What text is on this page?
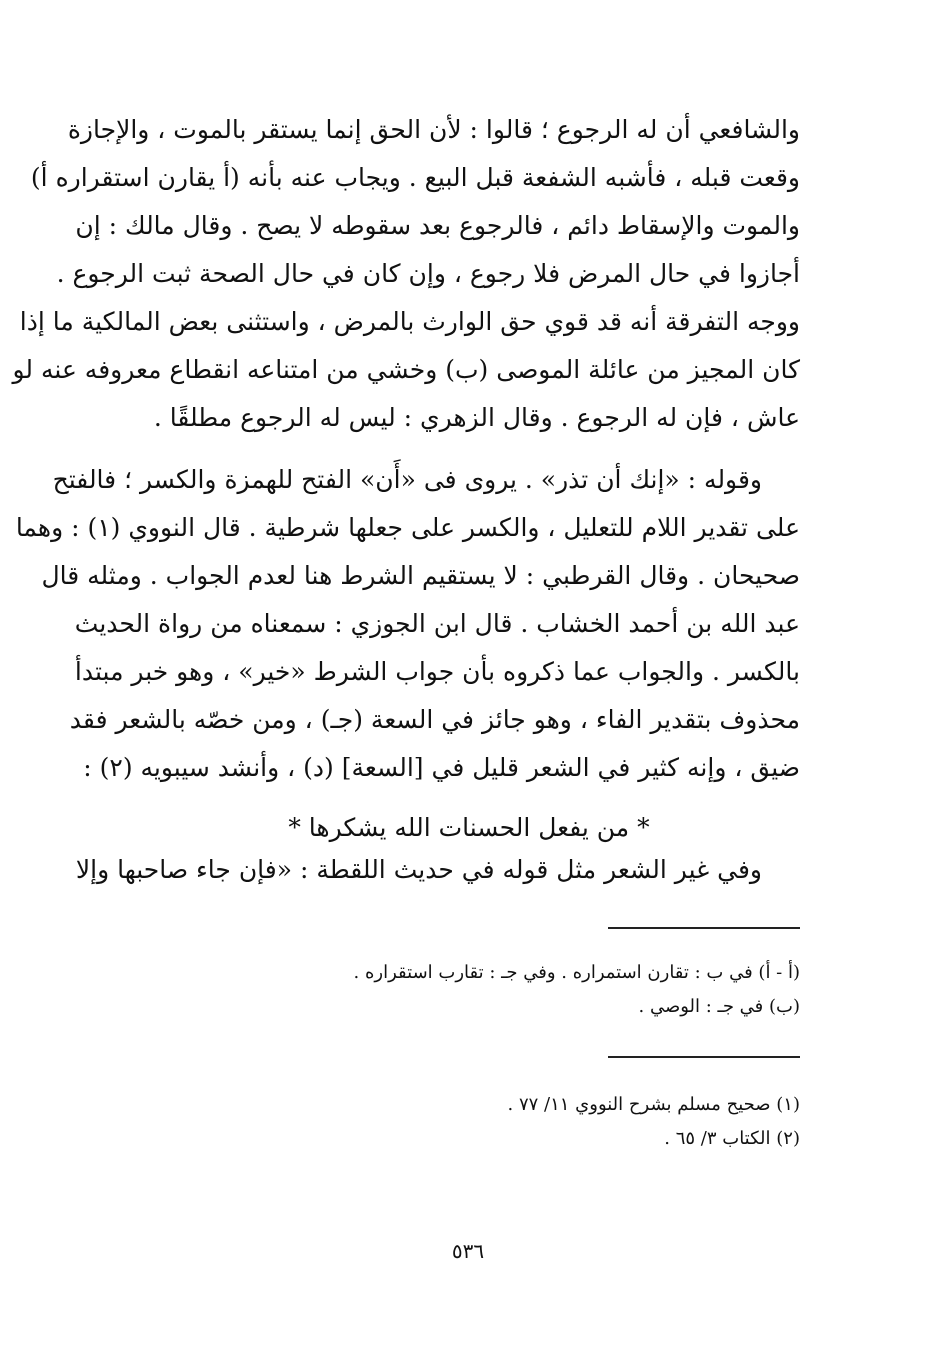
والشافعي أن له الرجوع ؛ قالوا : لأن الحق إنما يستقر بالموت ، والإجازة
وقعت قبله ، فأشبه الشفعة قبل البيع . ويجاب عنه بأنه (أ يقارن استقراره أ)
والموت والإسقاط دائم ، فالرجوع بعد سقوطه لا يصح . وقال مالك : إن
أجازوا في حال المرض فلا رجوع ، وإن كان في حال الصحة ثبت الرجوع .
ووجه التفرقة أنه قد قوي حق الوارث بالمرض ، واستثنى بعض المالكية ما إذا
كان المجيز من عائلة الموصى (ب) وخشي من امتناعه انقطاع معروفه عنه لو
عاش ، فإن له الرجوع . وقال الزهري : ليس له الرجوع مطلقًا .
وقوله : «إنك أن تذر» . يروى فى «أَن» الفتح للهمزة والكسر ؛ فالفتح
على تقدير اللام للتعليل ، والكسر على جعلها شرطية . قال النووي (١) : وهما
صحيحان . وقال القرطبي : لا يستقيم الشرط هنا لعدم الجواب . ومثله قال
عبد الله بن أحمد الخشاب . قال ابن الجوزي : سمعناه من رواة الحديث
بالكسر . والجواب عما ذكروه بأن جواب الشرط «خير» ، وهو خبر مبتدأ
محذوف بتقدير الفاء ، وهو جائز في السعة (جـ) ، ومن خصّه بالشعر فقد
ضيق ، وإنه كثير في الشعر قليل في [السعة] (د) ، وأنشد سيبويه (٢) :
* من يفعل الحسنات الله يشكرها *
وفي غير الشعر مثل قوله في حديث اللقطة : «فإن جاء صاحبها وإلا
(أ - أ) في ب : تقارن استمراره . وفي جـ : تقارب استقراره .
(ب) في جـ : الوصي .
(١) صحيح مسلم بشرح النووي ١١/ ٧٧ .
(٢) الكتاب ٣/ ٦٥ .
٥٣٦
